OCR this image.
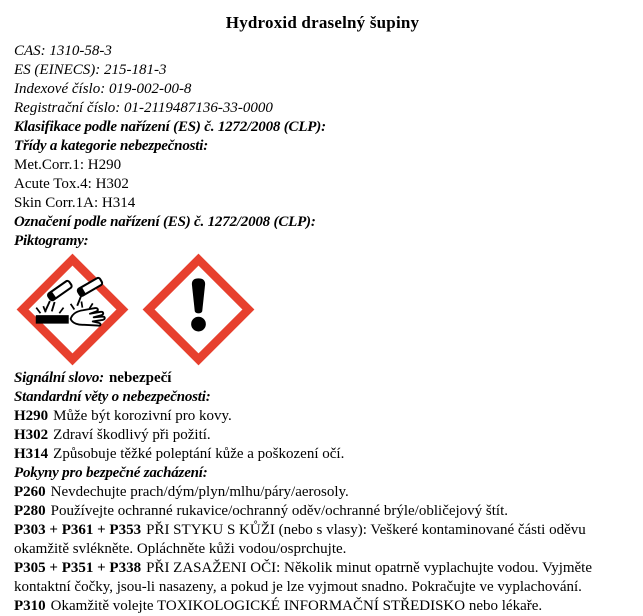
Hydroxid draselný šupiny

CAS: 1310-58-3

ES (EINECS): 215-181-3

Indexové číslo: 019-002-00-8

Registrační číslo: 01-2119487136-33-0000

Klasifikace podle nařízení (ES) č. 1272/2008 (CLP):

Třídy a kategorie nebezpečnosti:

Met.Corr.1: H290

Acute Tox.4: H302

Skin Corr.1A: H314

Označení podle nařízení (ES) č. 1272/2008 (CLP):

Piktogramy:

Signální slovo: nebezpečí

Standardní věty o nebezpečnosti:

H290 Může být korozivní pro kovy.

H302 Zdraví škodlivý při požití.

H314 Způsobuje těžké poleptání kůže a poškození očí.

Pokyny pro bezpečné zacházení:

P260 Nevdechujte prach/dým/plyn/mlhu/páry/aerosoly.

P280 Používejte ochranné rukavice/ochranný oděv/ochranné brýle/obličejový štít.

P303 + P361 + P353 PŘI STYKU S KŮŽI (nebo s vlasy): Veškeré kontaminované části oděvu okamžitě svlékněte. Opláchněte kůži vodou/osprchujte.

P305 + P351 + P338 PŘI ZASAŽENI OČI: Několik minut opatrně vyplachujte vodou. Vyjměte kontaktní čočky, jsou-li nasazeny, a pokud je lze vyjmout snadno. Pokračujte ve vyplachování.

P310 Okamžitě volejte TOXIKOLOGICKÉ INFORMAČNÍ STŘEDISKO nebo lékaře.
